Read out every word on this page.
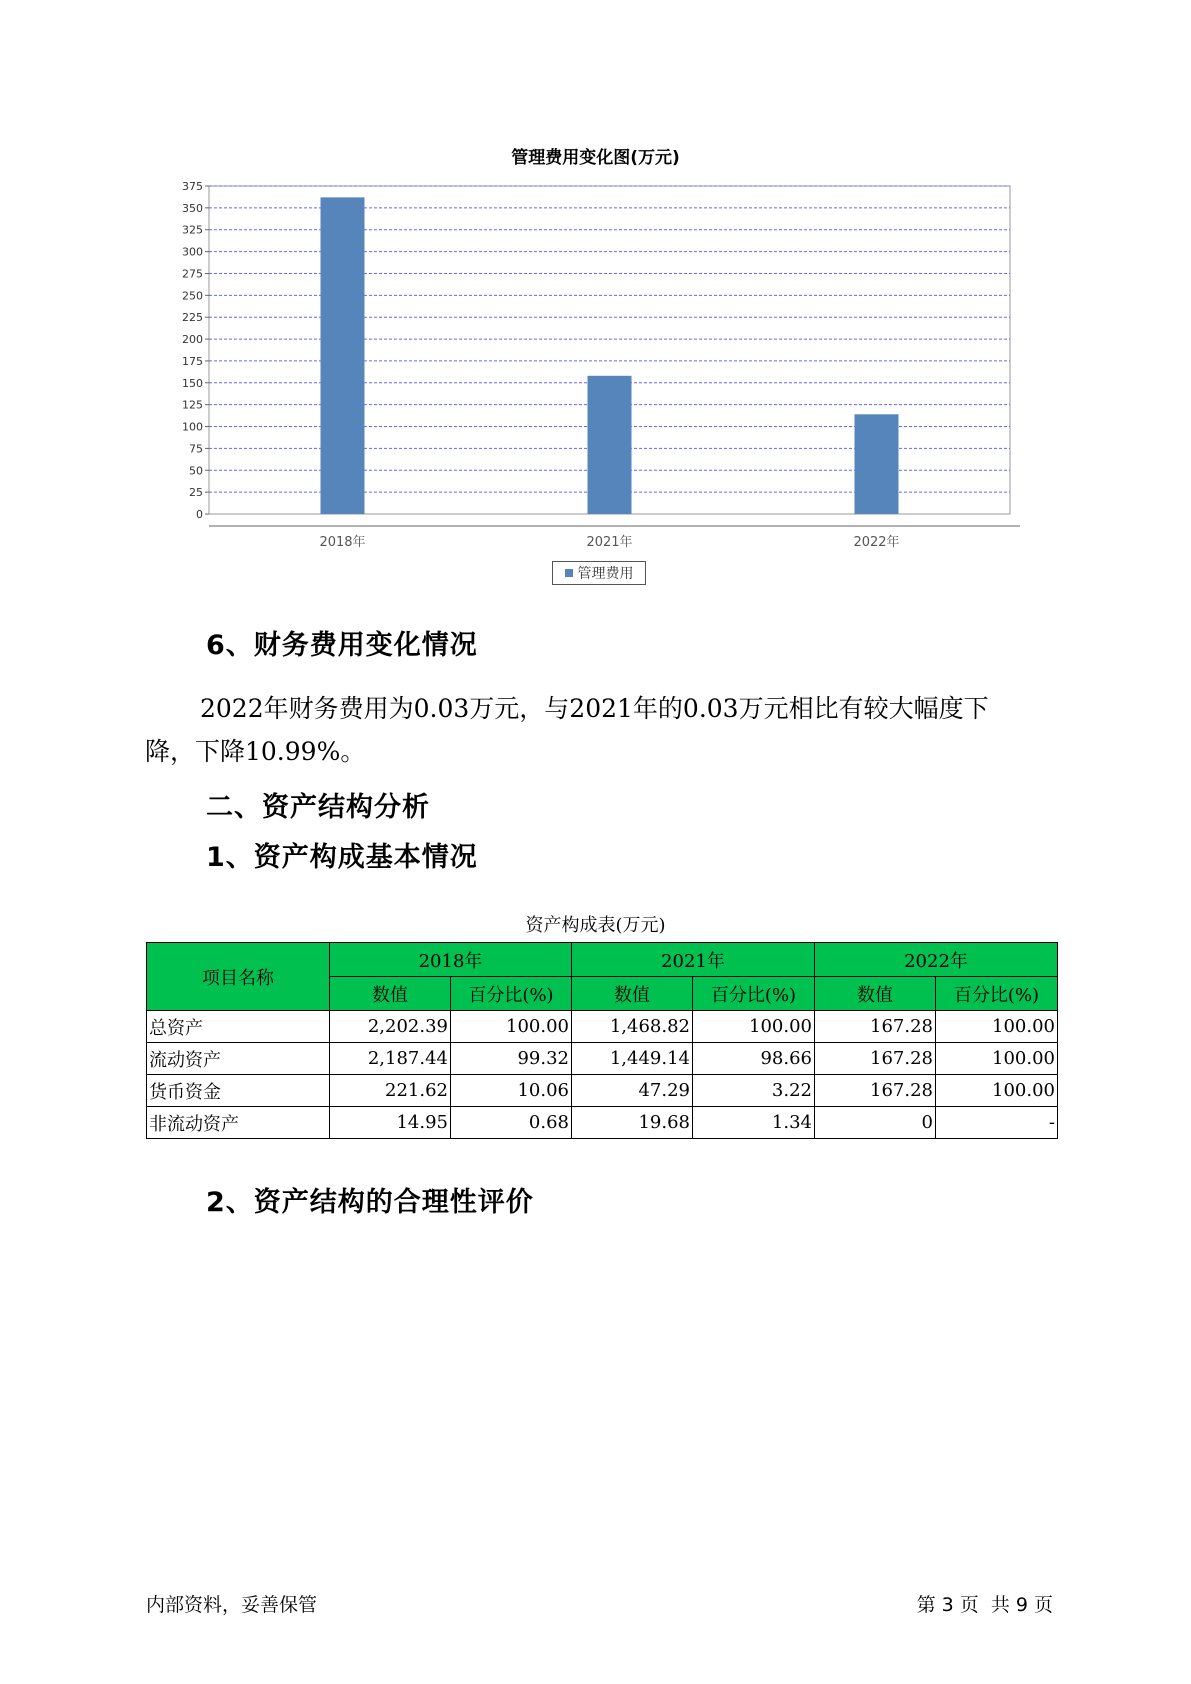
管理费用变化图(万元)
0
25
50
75
100
125
150
175
200
225
250
275
300
325
350
375
2018年	2021年	2022年
管理费用
6、财务费用变化情况
2022年财务费用为0.03万元，与2021年的0.03万元相比有较大幅度下
降，下降10.99%。
二、资产结构分析
1、资产构成基本情况
资产构成表(万元)
项目名称	2018年		2021年		2022年	
	数值	百分比(%)	数值	百分比(%)	数值	百分比(%)
总资产	2,202.39	100.00	1,468.82	100.00	167.28	100.00
流动资产	2,187.44	99.32	1,449.14	98.66	167.28	100.00
货币资金	221.62	10.06	47.29	3.22	167.28	100.00
非流动资产	14.95	0.68	19.68	1.34	0	-
2、资产结构的合理性评价
内部资料，妥善保管	第 3 页  共 9 页
